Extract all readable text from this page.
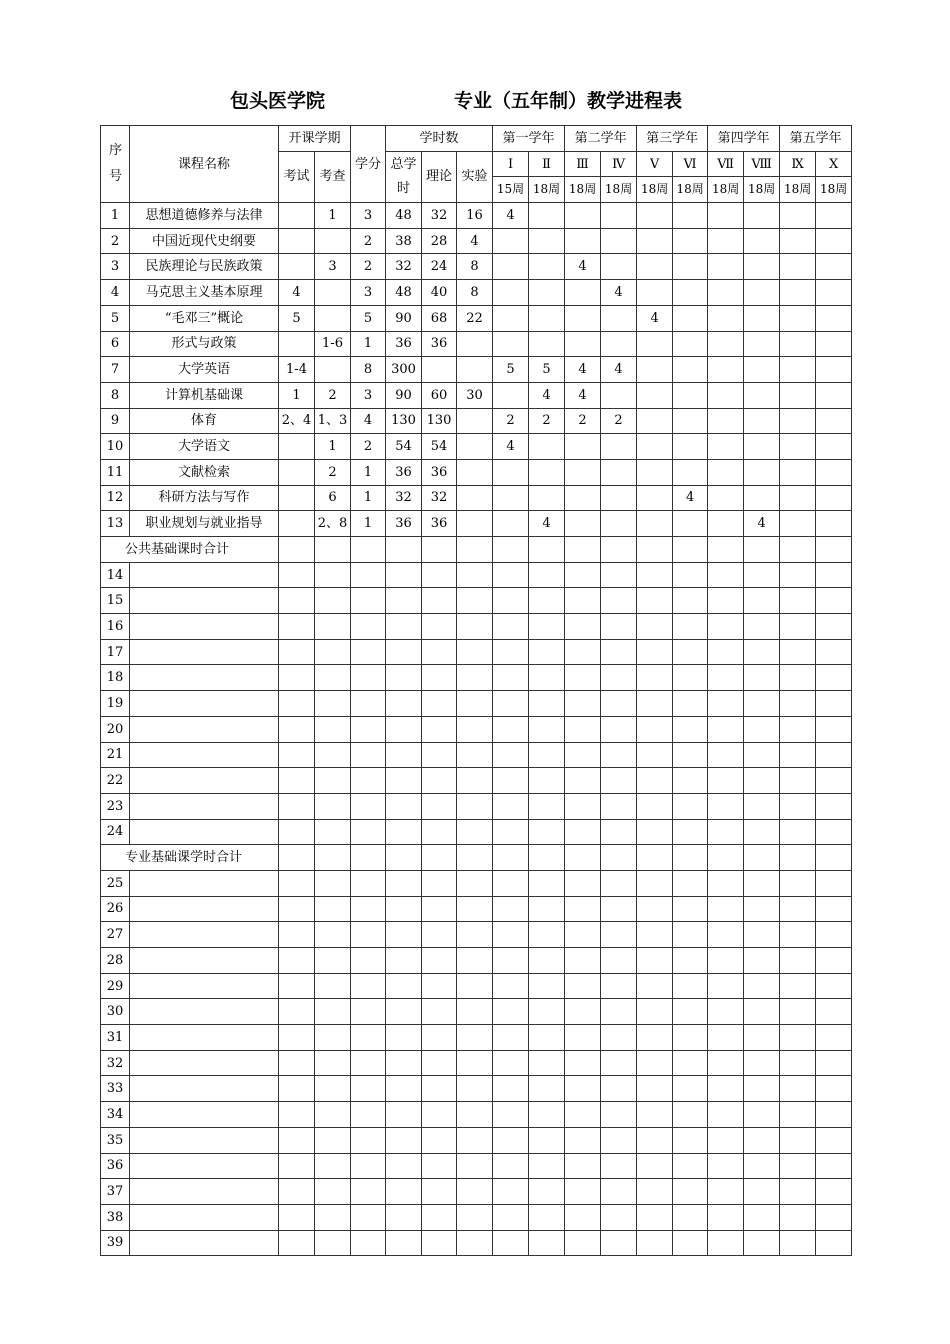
包头医学院	专业（五年制）教学进程表
序号	课程名称	开课学期		学分	学时数			第一学年		第二学年		第三学年		第四学年		第五学年	
		考试	考查		总学时	理论	实验	Ⅰ	Ⅱ	Ⅲ	Ⅳ	Ⅴ	Ⅵ	Ⅶ	Ⅷ	Ⅸ	Ⅹ
								15周	18周	18周	18周	18周	18周	18周	18周	18周	18周
1	思想道德修养与法律		1	3	48	32	16	4									
2	中国近现代史纲要			2	38	28	4										
3	民族理论与民族政策		3	2	32	24	8			4							
4	马克思主义基本原理	4		3	48	40	8				4						
5	“毛邓三”概论	5		5	90	68	22					4					
6	形式与政策		1-6	1	36	36											
7	大学英语	1-4		8	300			5	5	4	4						
8	计算机基础课	1	2	3	90	60	30		4	4							
9	体育	2、4	1、3	4	130	130		2	2	2	2						
10	大学语文		1	2	54	54		4									
11	文献检索		2	1	36	36											
12	科研方法与写作		6	1	32	32							4				
13	职业规划与就业指导		2、8	1	36	36			4						4		
公共基础课时合计																	
14																	
15																	
16																	
17																	
18																	
19																	
20																	
21																	
22																	
23																	
24																	
专业基础课学时合计																	
25																	
26																	
27																	
28																	
29																	
30																	
31																	
32																	
33																	
34																	
35																	
36																	
37																	
38																	
39																	
